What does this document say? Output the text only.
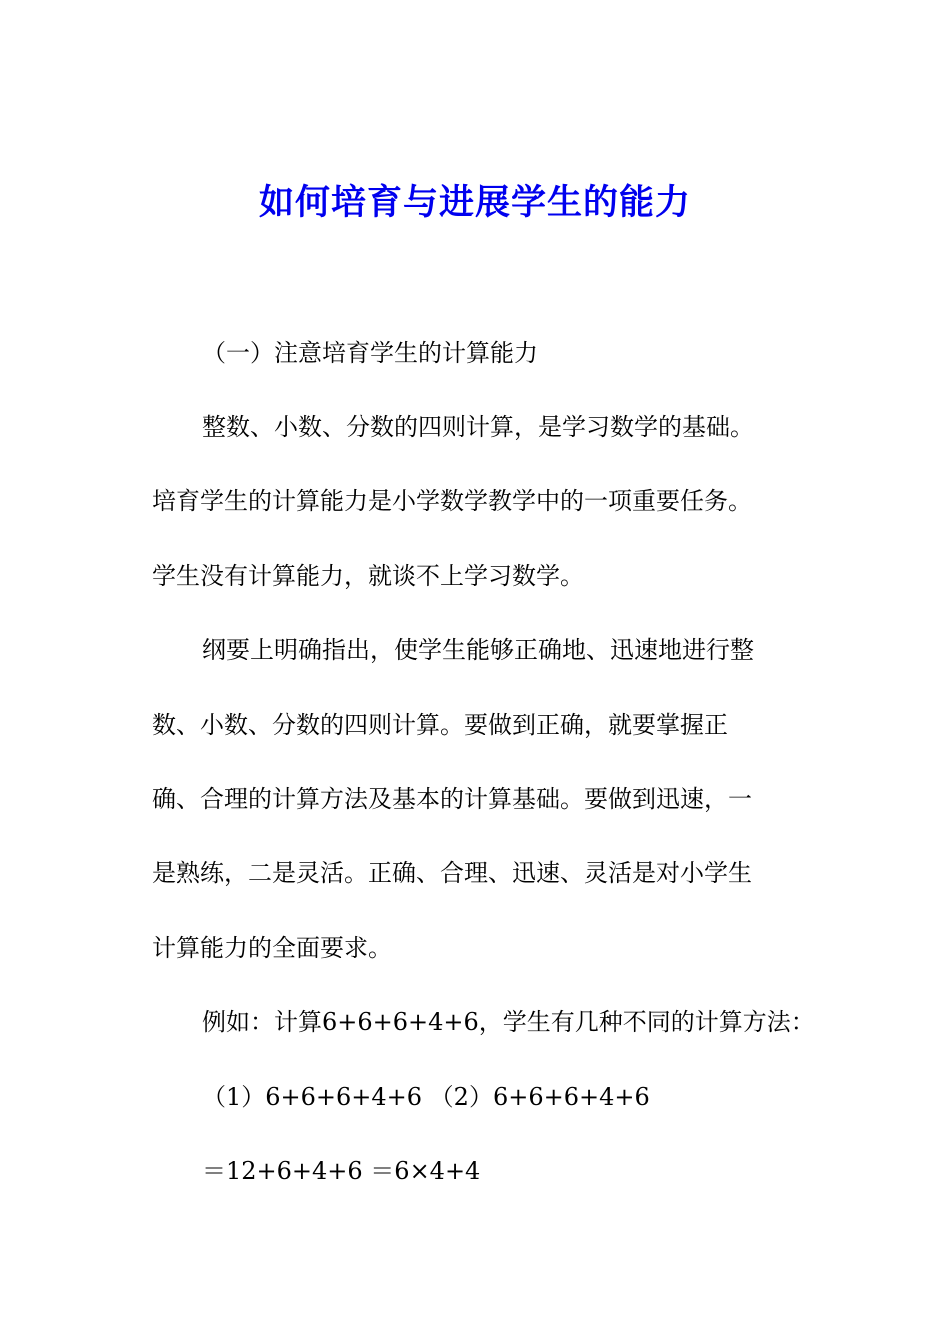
如何培育与进展学生的能力

（一）注意培育学生的计算能力

整数、小数、分数的四则计算，是学习数学的基础。

培育学生的计算能力是小学数学教学中的一项重要任务。

学生没有计算能力，就谈不上学习数学。

纲要上明确指出，使学生能够正确地、迅速地进行整

数、小数、分数的四则计算。要做到正确，就要掌握正

确、合理的计算方法及基本的计算基础。要做到迅速，一

是熟练，二是灵活。正确、合理、迅速、灵活是对小学生

计算能力的全面要求。

例如：计算6+6+6+4+6，学生有几种不同的计算方法：

（1）6+6+6+4+6 （2）6+6+6+4+6

＝12+6+4+6 ＝6×4+4
